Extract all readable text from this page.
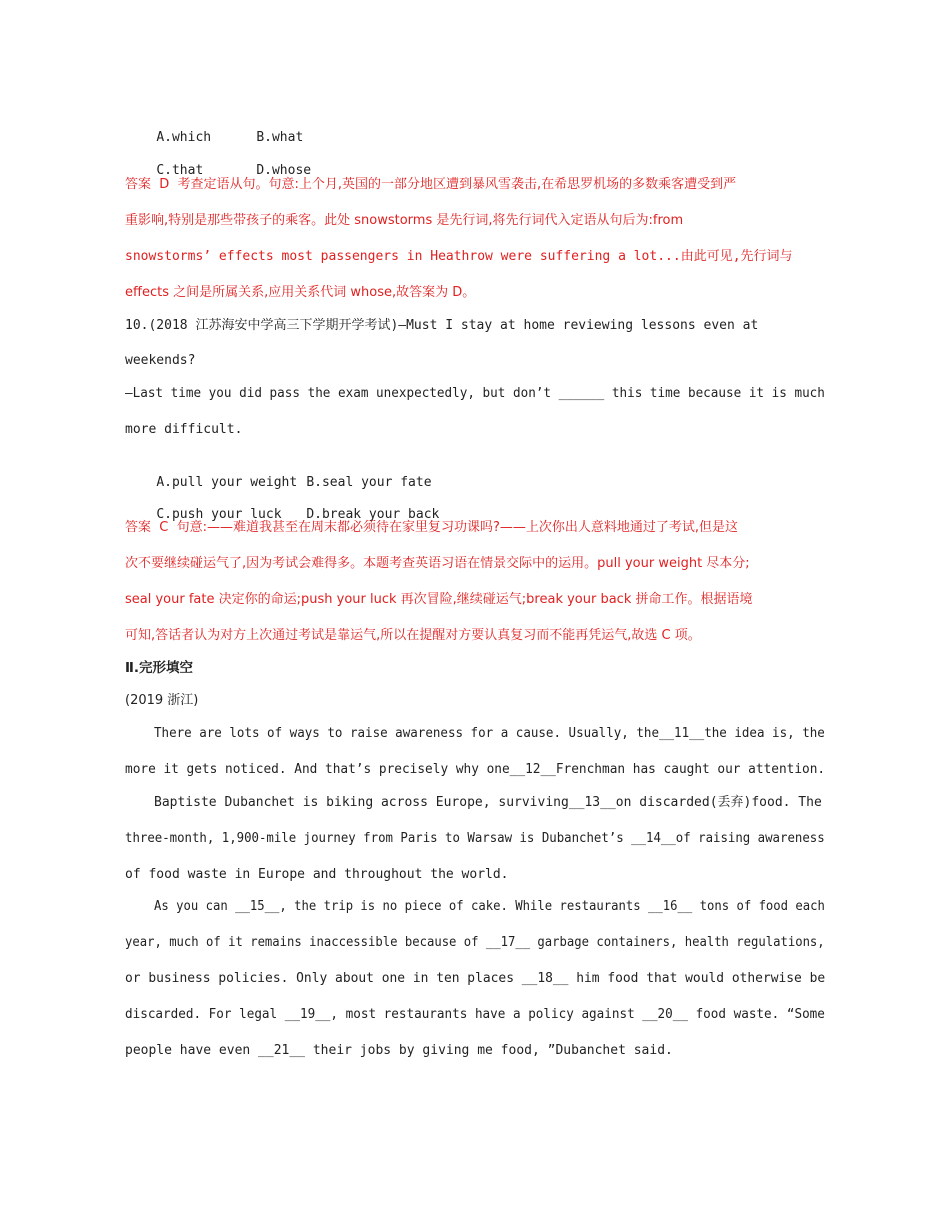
A.which	B.what

C.that	D.whose

答案  D  考查定语从句。句意:上个月,英国的一部分地区遭到暴风雪袭击,在希思罗机场的多数乘客遭受到严
重影响,特别是那些带孩子的乘客。此处 snowstorms 是先行词,将先行词代入定语从句后为:from
snowstorms’ effects most passengers in Heathrow were suffering a lot...由此可见,先行词与
effects 之间是所属关系,应用关系代词 whose,故答案为 D。
10.(2018 江苏海安中学高三下学期开学考试)—Must I stay at home reviewing lessons even at
weekends?
—Last time you did pass the exam unexpectedly, but don’t ______ this time because it is much
more difficult.

A.pull your weight B.seal your fate

C.push your luck D.break your back

答案  C  句意:——难道我甚至在周末都必须待在家里复习功课吗?——上次你出人意料地通过了考试,但是这
次不要继续碰运气了,因为考试会难得多。本题考查英语习语在情景交际中的运用。pull your weight 尽本分;
seal your fate 决定你的命运;push your luck 再次冒险,继续碰运气;break your back 拼命工作。根据语境
可知,答话者认为对方上次通过考试是靠运气,所以在提醒对方要认真复习而不能再凭运气,故选 C 项。
Ⅱ.完形填空
(2019 浙江)
There are lots of ways to raise awareness for a cause. Usually, the__11__the idea is, the
more it gets noticed. And that’s precisely why one__12__Frenchman has caught our attention.
Baptiste Dubanchet is biking across Europe, surviving__13__on discarded(丢弃)food. The
three-month, 1,900-mile journey from Paris to Warsaw is Dubanchet’s __14__of raising awareness
of food waste in Europe and throughout the world.
As you can __15__, the trip is no piece of cake. While restaurants __16__ tons of food each
year, much of it remains inaccessible because of __17__ garbage containers, health regulations,
or business policies. Only about one in ten places __18__ him food that would otherwise be
discarded. For legal __19__, most restaurants have a policy against __20__ food waste. “Some
people have even __21__ their jobs by giving me food, ”Dubanchet said.
